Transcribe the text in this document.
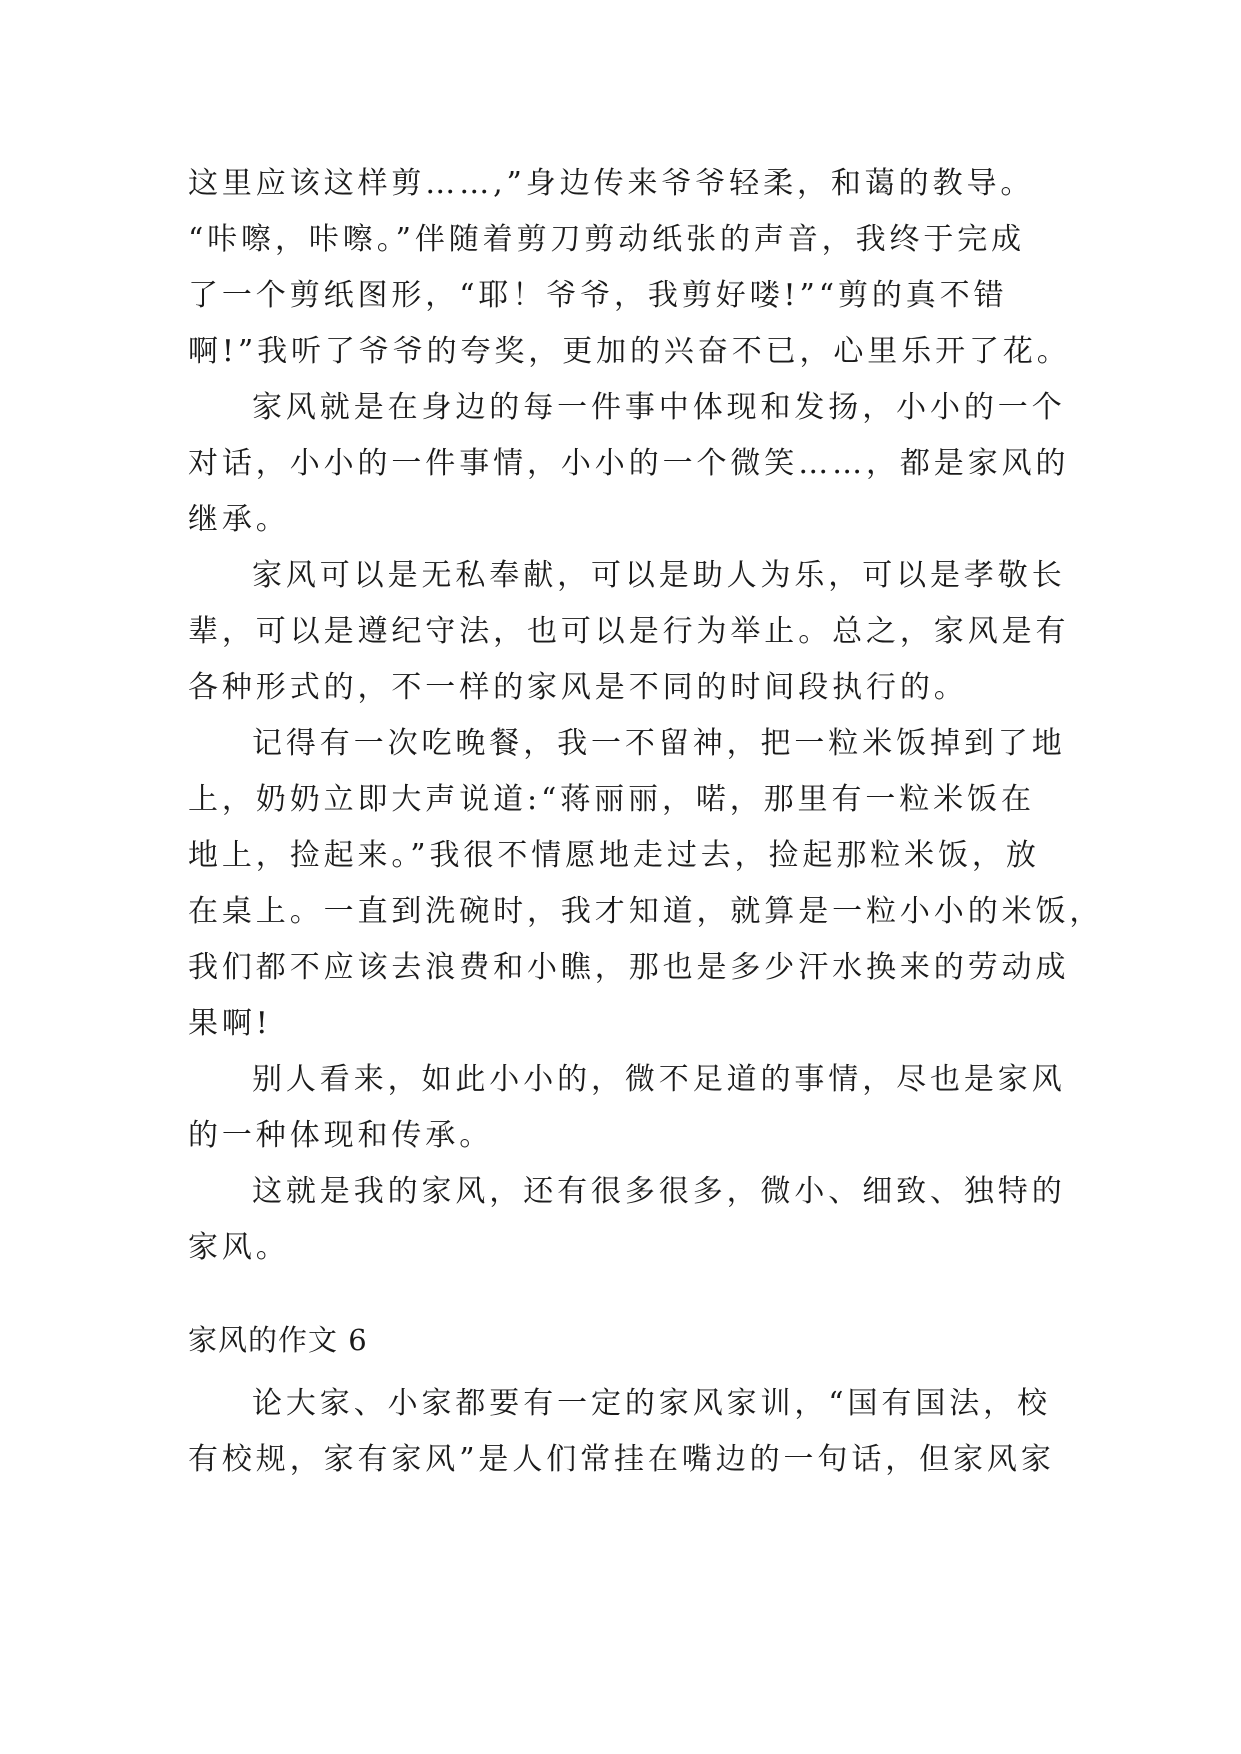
这里应该这样剪……,”身边传来爷爷轻柔，和蔼的教导。
“咔嚓，咔嚓。”伴随着剪刀剪动纸张的声音，我终于完成
了一个剪纸图形，“耶！爷爷，我剪好喽!”“剪的真不错
啊!”我听了爷爷的夸奖，更加的兴奋不已，心里乐开了花。
家风就是在身边的每一件事中体现和发扬，小小的一个
对话，小小的一件事情，小小的一个微笑……，都是家风的
继承。
家风可以是无私奉献，可以是助人为乐，可以是孝敬长
辈，可以是遵纪守法，也可以是行为举止。总之，家风是有
各种形式的，不一样的家风是不同的时间段执行的。
记得有一次吃晚餐，我一不留神，把一粒米饭掉到了地
上，奶奶立即大声说道:“蒋丽丽，喏，那里有一粒米饭在
地上，捡起来。”我很不情愿地走过去，捡起那粒米饭，放
在桌上。一直到洗碗时，我才知道，就算是一粒小小的米饭，
我们都不应该去浪费和小瞧，那也是多少汗水换来的劳动成
果啊!
别人看来，如此小小的，微不足道的事情，尽也是家风
的一种体现和传承。
这就是我的家风，还有很多很多，微小、细致、独特的
家风。
家风的作文 6
论大家、小家都要有一定的家风家训，“国有国法，校
有校规，家有家风”是人们常挂在嘴边的一句话，但家风家
